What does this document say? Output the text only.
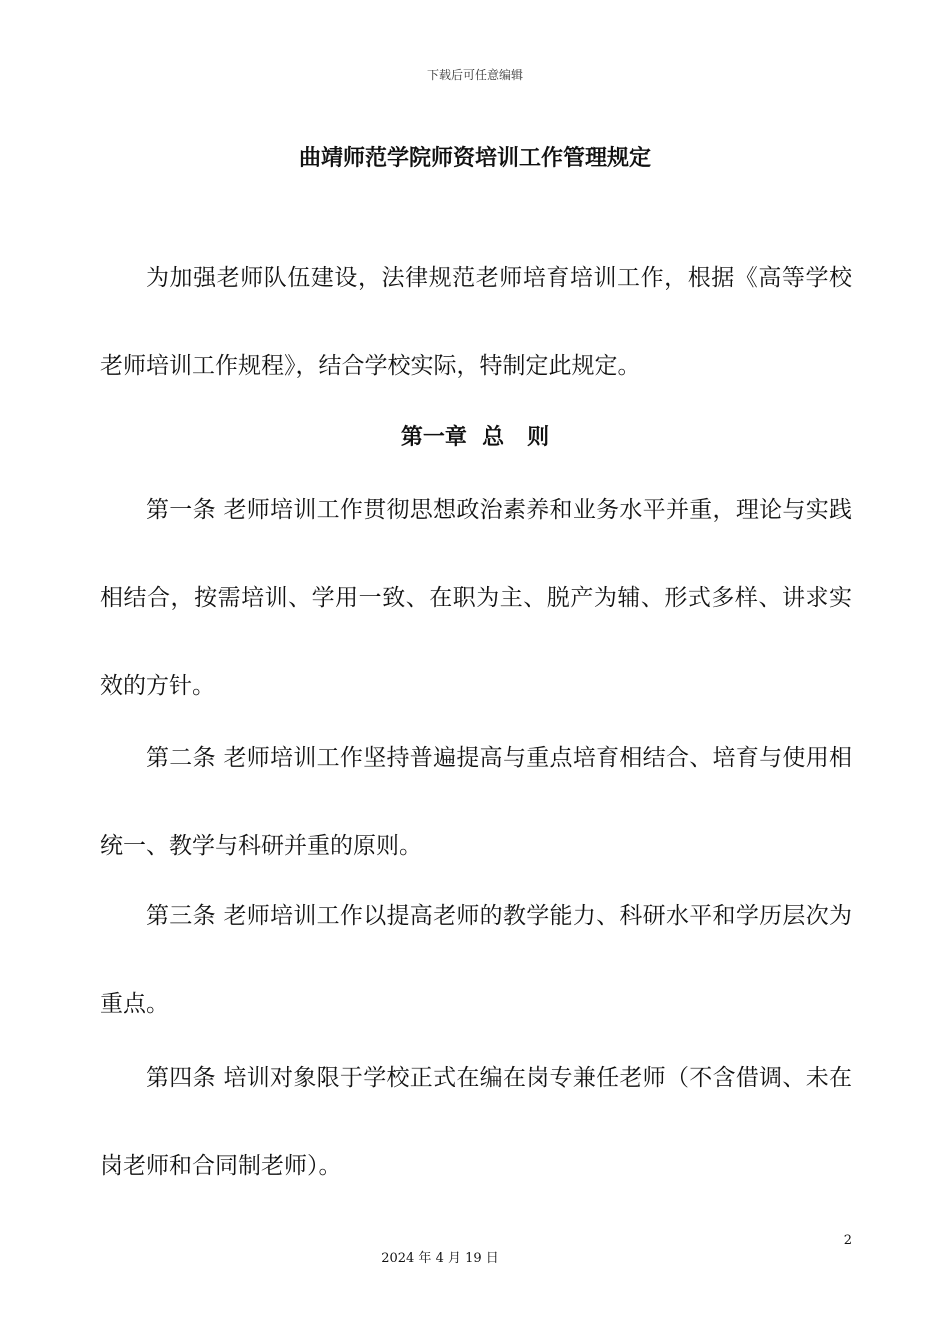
下载后可任意编辑
曲靖师范学院师资培训工作管理规定

为加强老师队伍建设，法律规范老师培育培训工作，根据《高等学校老师培训工作规程》，结合学校实际，特制定此规定。

第一章  总   则

第一条 老师培训工作贯彻思想政治素养和业务水平并重，理论与实践相结合，按需培训、学用一致、在职为主、脱产为辅、形式多样、讲求实效的方针。

第二条 老师培训工作坚持普遍提高与重点培育相结合、培育与使用相统一、教学与科研并重的原则。

第三条 老师培训工作以提高老师的教学能力、科研水平和学历层次为重点。

第四条 培训对象限于学校正式在编在岗专兼任老师（不含借调、未在岗老师和合同制老师）。

2
2024 年 4 月 19 日
